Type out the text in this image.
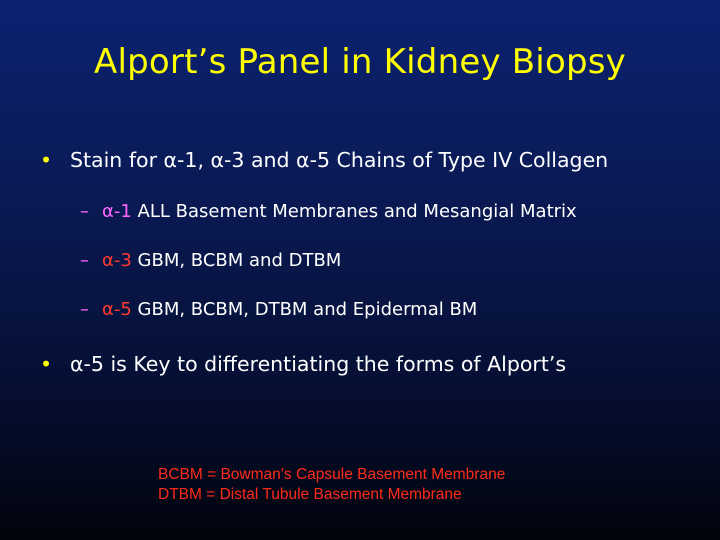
Alport’s Panel in Kidney Biopsy
• Stain for α-1, α-3 and α-5 Chains of Type IV Collagen
– α-1 ALL Basement Membranes and Mesangial Matrix
– α-3 GBM, BCBM and DTBM
– α-5 GBM, BCBM, DTBM and Epidermal BM
• α-5 is Key to differentiating the forms of Alport’s
BCBM = Bowman’s Capsule Basement Membrane
DTBM = Distal Tubule Basement Membrane
